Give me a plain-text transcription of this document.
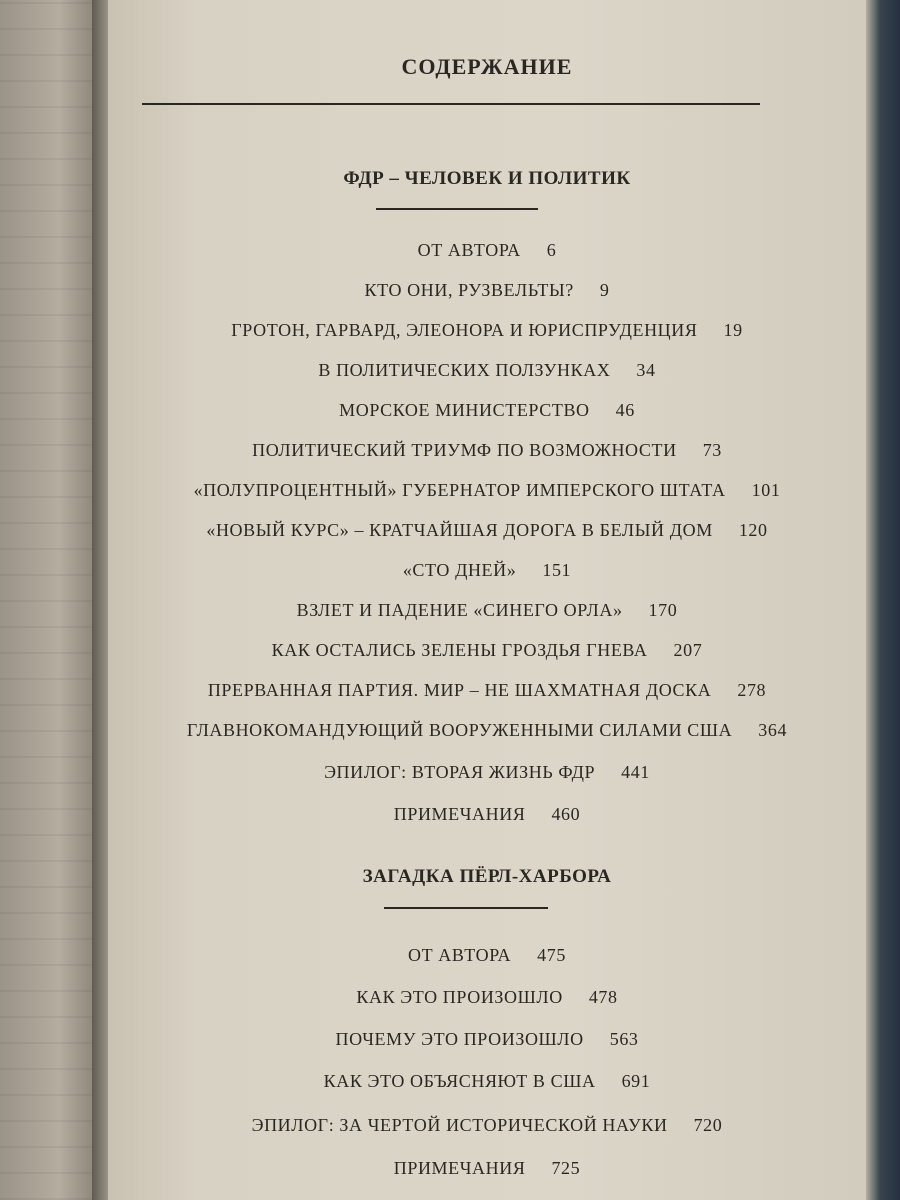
СОДЕРЖАНИЕ
ФДР – ЧЕЛОВЕК И ПОЛИТИК
ОТ АВТОРА 6
КТО ОНИ, РУЗВЕЛЬТЫ? 9
ГРОТОН, ГАРВАРД, ЭЛЕОНОРА И ЮРИСПРУДЕНЦИЯ 19
В ПОЛИТИЧЕСКИХ ПОЛЗУНКАХ 34
МОРСКОЕ МИНИСТЕРСТВО 46
ПОЛИТИЧЕСКИЙ ТРИУМФ ПО ВОЗМОЖНОСТИ 73
«ПОЛУПРОЦЕНТНЫЙ» ГУБЕРНАТОР ИМПЕРСКОГО ШТАТА 101
«НОВЫЙ КУРС» – КРАТЧАЙШАЯ ДОРОГА В БЕЛЫЙ ДОМ 120
«СТО ДНЕЙ» 151
ВЗЛЕТ И ПАДЕНИЕ «СИНЕГО ОРЛА» 170
КАК ОСТАЛИСЬ ЗЕЛЕНЫ ГРОЗДЬЯ ГНЕВА 207
ПРЕРВАННАЯ ПАРТИЯ. МИР – НЕ ШАХМАТНАЯ ДОСКА 278
ГЛАВНОКОМАНДУЮЩИЙ ВООРУЖЕННЫМИ СИЛАМИ США 364
ЭПИЛОГ: ВТОРАЯ ЖИЗНЬ ФДР 441
ПРИМЕЧАНИЯ 460
ЗАГАДКА ПЁРЛ-ХАРБОРА
ОТ АВТОРА 475
КАК ЭТО ПРОИЗОШЛО 478
ПОЧЕМУ ЭТО ПРОИЗОШЛО 563
КАК ЭТО ОБЪЯСНЯЮТ В США 691
ЭПИЛОГ: ЗА ЧЕРТОЙ ИСТОРИЧЕСКОЙ НАУКИ 720
ПРИМЕЧАНИЯ 725
